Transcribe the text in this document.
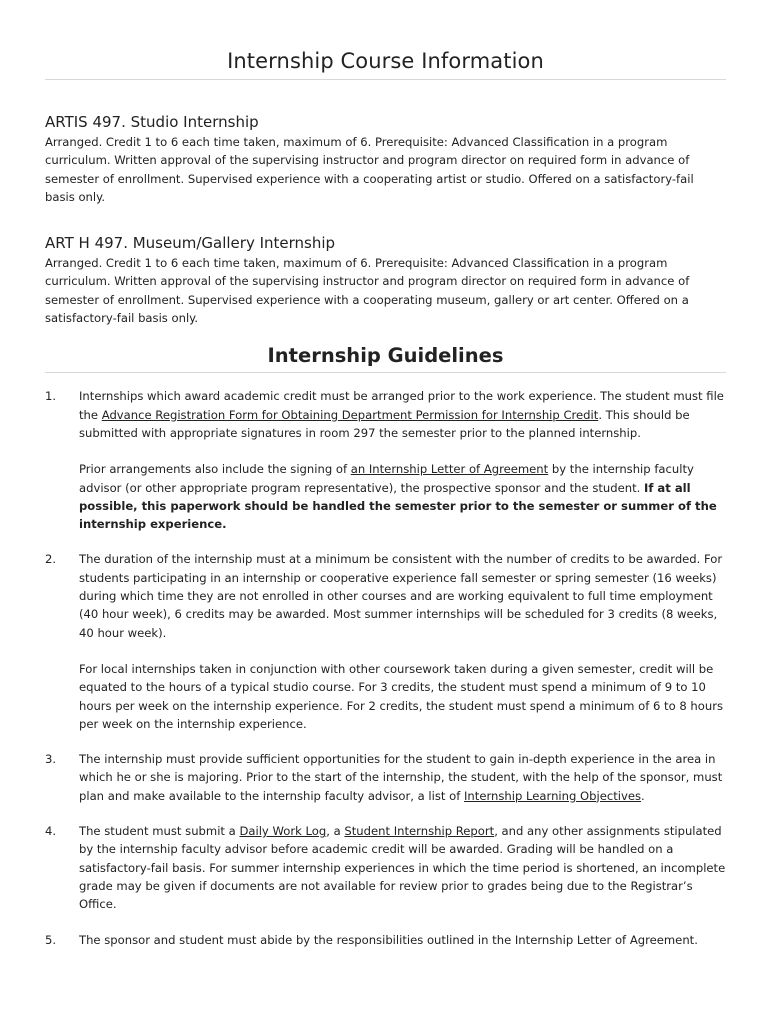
Internship Course Information
ARTIS 497. Studio Internship

Arranged. Credit 1 to 6 each time taken, maximum of 6. Prerequisite: Advanced Classification in a program curriculum. Written approval of the supervising instructor and program director on required form in advance of semester of enrollment. Supervised experience with a cooperating artist or studio. Offered on a satisfactory-fail basis only.

ART H 497. Museum/Gallery Internship

Arranged. Credit 1 to 6 each time taken, maximum of 6. Prerequisite: Advanced Classification in a program curriculum. Written approval of the supervising instructor and program director on required form in advance of semester of enrollment. Supervised experience with a cooperating museum, gallery or art center. Offered on a satisfactory-fail basis only.

Internship Guidelines
1.	Internships which award academic credit must be arranged prior to the work experience. The student must file the Advance Registration Form for Obtaining Department Permission for Internship Credit. This should be submitted with appropriate signatures in room 297 the semester prior to the planned internship.

Prior arrangements also include the signing of an Internship Letter of Agreement by the internship faculty advisor (or other appropriate program representative), the prospective sponsor and the student. If at all possible, this paperwork should be handled the semester prior to the semester or summer of the internship experience.

2.	The duration of the internship must at a minimum be consistent with the number of credits to be awarded. For students participating in an internship or cooperative experience fall semester or spring semester (16 weeks) during which time they are not enrolled in other courses and are working equivalent to full time employment (40 hour week), 6 credits may be awarded. Most summer internships will be scheduled for 3 credits (8 weeks, 40 hour week).

For local internships taken in conjunction with other coursework taken during a given semester, credit will be equated to the hours of a typical studio course. For 3 credits, the student must spend a minimum of 9 to 10 hours per week on the internship experience. For 2 credits, the student must spend a minimum of 6 to 8 hours per week on the internship experience.

3.	The internship must provide sufficient opportunities for the student to gain in-depth experience in the area in which he or she is majoring. Prior to the start of the internship, the student, with the help of the sponsor, must plan and make available to the internship faculty advisor, a list of Internship Learning Objectives.

4.	The student must submit a Daily Work Log, a Student Internship Report, and any other assignments stipulated by the internship faculty advisor before academic credit will be awarded. Grading will be handled on a satisfactory-fail basis. For summer internship experiences in which the time period is shortened, an incomplete grade may be given if documents are not available for review prior to grades being due to the Registrar’s Office.

5.	The sponsor and student must abide by the responsibilities outlined in the Internship Letter of Agreement.
